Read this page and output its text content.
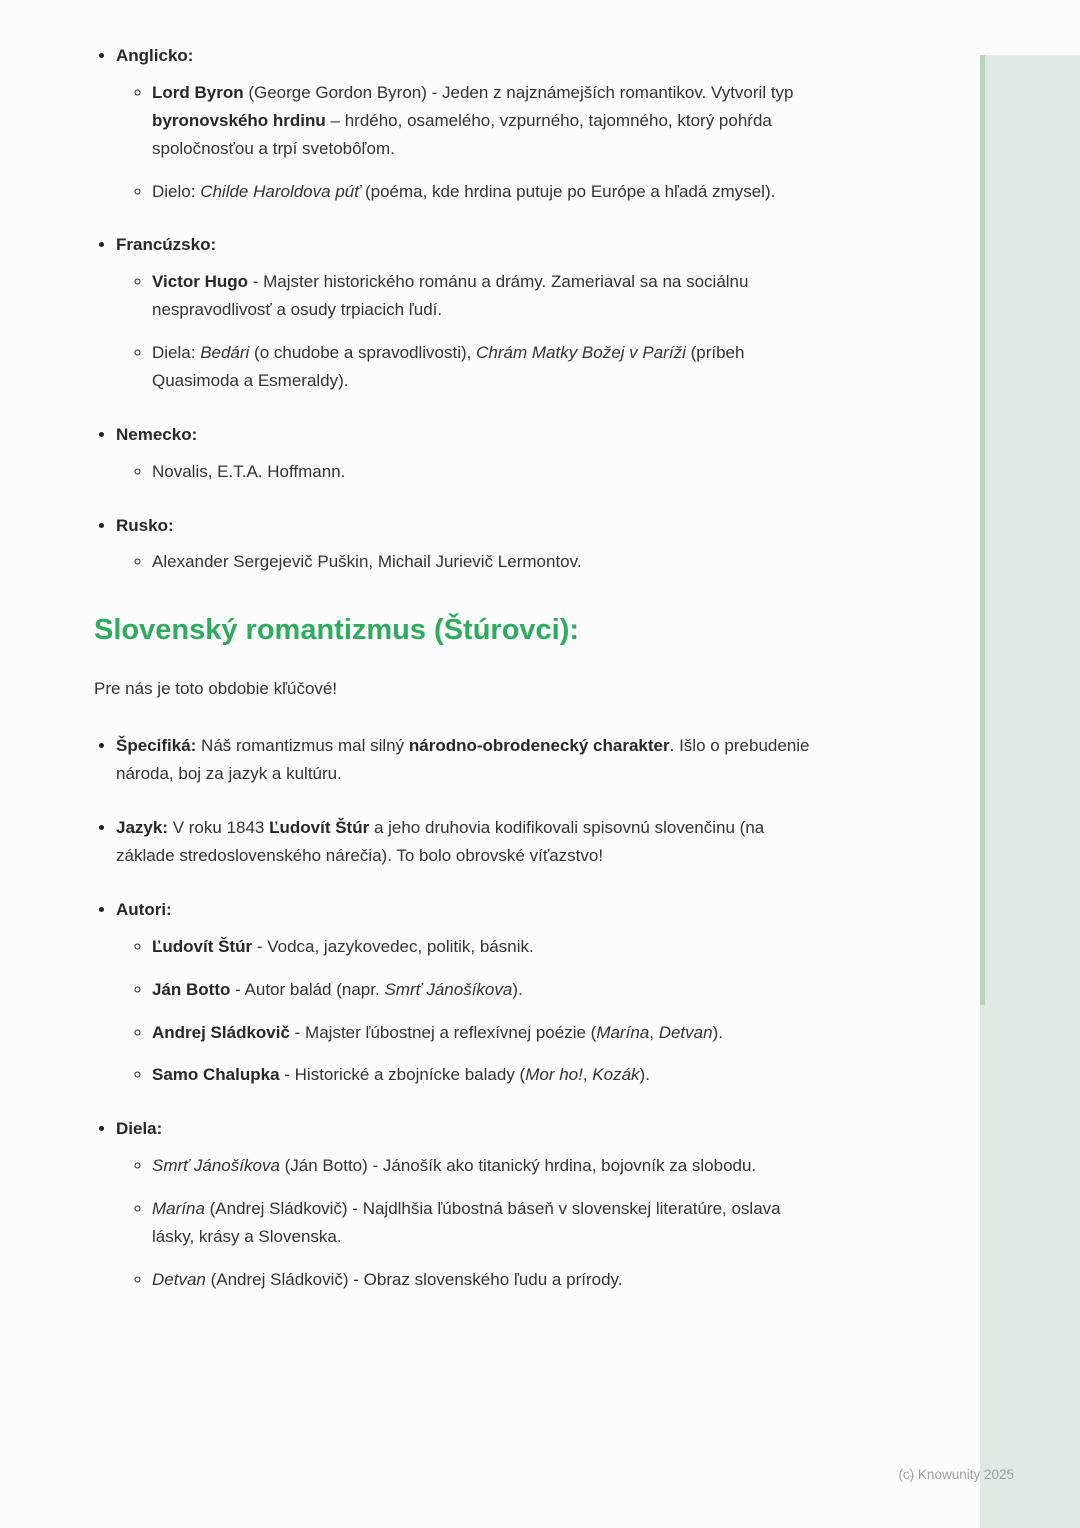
• Anglicko:
◦ Lord Byron (George Gordon Byron) - Jeden z najznámejších romantikov. Vytvoril typ byronovského hrdinu – hrdého, osamelého, vzpurného, tajomného, ktorý pohŕda spoločnosťou a trpí svetobôľom.
◦ Dielo: Childe Haroldova púť (poéma, kde hrdina putuje po Európe a hľadá zmysel).
• Francúzsko:
◦ Victor Hugo - Majster historického románu a drámy. Zameriaval sa na sociálnu nespravodlivosť a osudy trpiacich ľudí.
◦ Diela: Bedári (o chudobe a spravodlivosti), Chrám Matky Božej v Paríži (príbeh Quasimoda a Esmeraldy).
• Nemecko:
◦ Novalis, E.T.A. Hoffmann.
• Rusko:
◦ Alexander Sergejevič Puškin, Michail Jurievič Lermontov.
Slovenský romantizmus (Štúrovci):

Pre nás je toto obdobie kľúčové!

• Špecifiká: Náš romantizmus mal silný národno-obrodenecký charakter. Išlo o prebudenie národa, boj za jazyk a kultúru.
• Jazyk: V roku 1843 Ľudovít Štúr a jeho druhovia kodifikovali spisovnú slovenčinu (na základe stredoslovenského nárečia). To bolo obrovské víťazstvo!
• Autori:
◦ Ľudovít Štúr - Vodca, jazykovedec, politik, básnik.
◦ Ján Botto - Autor balád (napr. Smrť Jánošíkova).
◦ Andrej Sládkovič - Majster ľúbostnej a reflexívnej poézie (Marína, Detvan).
◦ Samo Chalupka - Historické a zbojnícke balady (Mor ho!, Kozák).
• Diela:
◦ Smrť Jánošíkova (Ján Botto) - Jánošík ako titanický hrdina, bojovník za slobodu.
◦ Marína (Andrej Sládkovič) - Najdlhšia ľúbostná báseň v slovenskej literatúre, oslava lásky, krásy a Slovenska.
◦ Detvan (Andrej Sládkovič) - Obraz slovenského ľudu a prírody.
(c) Knowunity 2025
